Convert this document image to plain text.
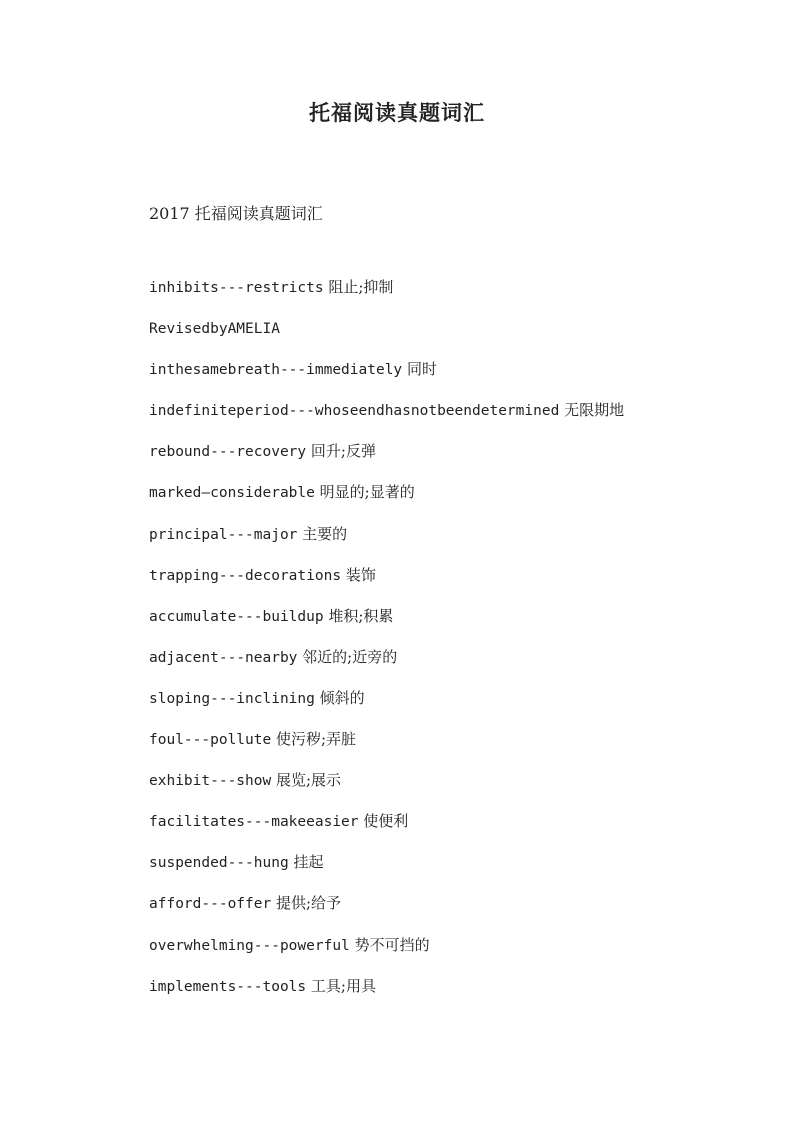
托福阅读真题词汇

2017 托福阅读真题词汇

inhibits---restricts 阻止;抑制
RevisedbyAMELIA
inthesamebreath---immediately 同时
indefiniteperiod---whoseendhasnotbeendetermined 无限期地
rebound---recovery 回升;反弹
marked—considerable 明显的;显著的
principal---major 主要的
trapping---decorations 装饰
accumulate---buildup 堆积;积累
adjacent---nearby 邻近的;近旁的
sloping---inclining 倾斜的
foul---pollute 使污秽;弄脏
exhibit---show 展览;展示
facilitates---makeeasier 使便利
suspended---hung 挂起
afford---offer 提供;给予
overwhelming---powerful 势不可挡的
implements---tools 工具;用具
